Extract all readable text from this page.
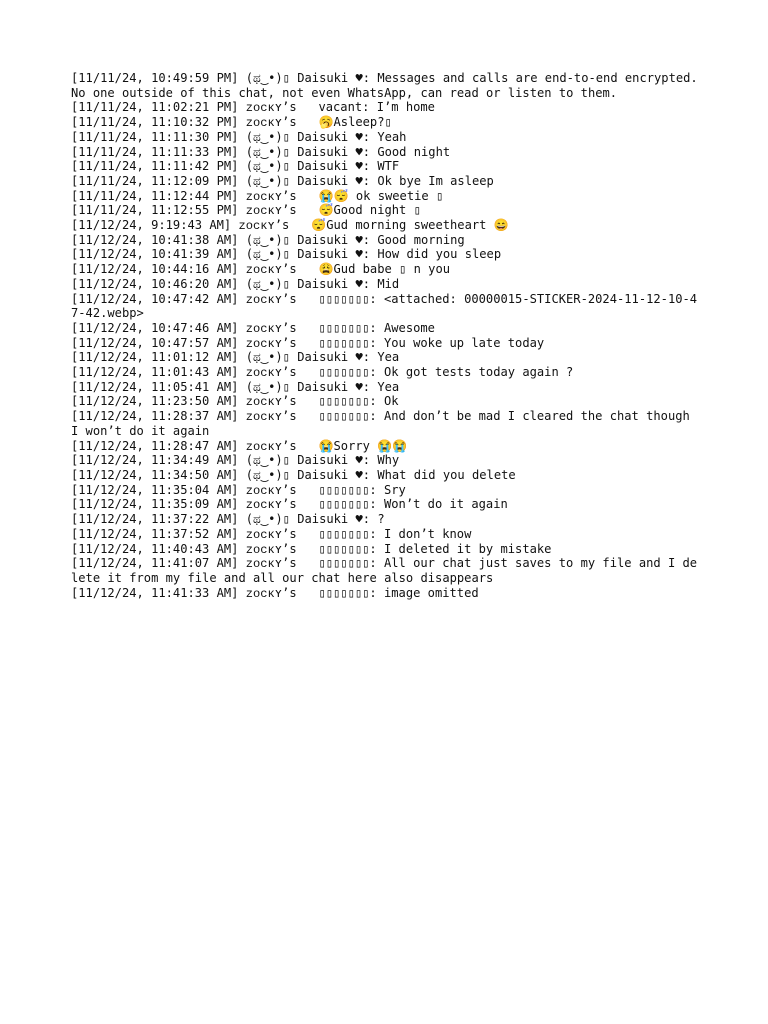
[11/11/24, 10:49:59 PM] (ಥ‿•)▯ Daisuki ♥: Messages and calls are end-to-end encrypted. No one outside of this chat, not even WhatsApp, can read or listen to them.
[11/11/24, 11:02:21 PM] ᴢᴏᴄᴋʏ’s   vacant: I’m home
[11/11/24, 11:10:32 PM] ᴢᴏᴄᴋʏ’s   🥱Asleep?▯
[11/11/24, 11:11:30 PM] (ಥ‿•)▯ Daisuki ♥: Yeah
[11/11/24, 11:11:33 PM] (ಥ‿•)▯ Daisuki ♥: Good night
[11/11/24, 11:11:42 PM] (ಥ‿•)▯ Daisuki ♥: WTF
[11/11/24, 11:12:09 PM] (ಥ‿•)▯ Daisuki ♥: Ok bye Im asleep
[11/11/24, 11:12:44 PM] ᴢᴏᴄᴋʏ’s   😭😴 ok sweetie ▯
[11/11/24, 11:12:55 PM] ᴢᴏᴄᴋʏ’s   😴Good night ▯
[11/12/24, 9:19:43 AM] ᴢᴏᴄᴋʏ’s   😴Gud morning sweetheart 😄
[11/12/24, 10:41:38 AM] (ಥ‿•)▯ Daisuki ♥: Good morning
[11/12/24, 10:41:39 AM] (ಥ‿•)▯ Daisuki ♥: How did you sleep
[11/12/24, 10:44:16 AM] ᴢᴏᴄᴋʏ’s   😩Gud babe ▯ n you
[11/12/24, 10:46:20 AM] (ಥ‿•)▯ Daisuki ♥: Mid
[11/12/24, 10:47:42 AM] ᴢᴏᴄᴋʏ’s   ▯▯▯▯▯▯▯: <attached: 00000015-STICKER-2024-11-12-10-47-42.webp>
[11/12/24, 10:47:46 AM] ᴢᴏᴄᴋʏ’s   ▯▯▯▯▯▯▯: Awesome
[11/12/24, 10:47:57 AM] ᴢᴏᴄᴋʏ’s   ▯▯▯▯▯▯▯: You woke up late today
[11/12/24, 11:01:12 AM] (ಥ‿•)▯ Daisuki ♥: Yea
[11/12/24, 11:01:43 AM] ᴢᴏᴄᴋʏ’s   ▯▯▯▯▯▯▯: Ok got tests today again ?
[11/12/24, 11:05:41 AM] (ಥ‿•)▯ Daisuki ♥: Yea
[11/12/24, 11:23:50 AM] ᴢᴏᴄᴋʏ’s   ▯▯▯▯▯▯▯: Ok
[11/12/24, 11:28:37 AM] ᴢᴏᴄᴋʏ’s   ▯▯▯▯▯▯▯: And don’t be mad I cleared the chat though I won’t do it again
[11/12/24, 11:28:47 AM] ᴢᴏᴄᴋʏ’s   😭Sorry 😭😭
[11/12/24, 11:34:49 AM] (ಥ‿•)▯ Daisuki ♥: Why
[11/12/24, 11:34:50 AM] (ಥ‿•)▯ Daisuki ♥: What did you delete
[11/12/24, 11:35:04 AM] ᴢᴏᴄᴋʏ’s   ▯▯▯▯▯▯▯: Sry
[11/12/24, 11:35:09 AM] ᴢᴏᴄᴋʏ’s   ▯▯▯▯▯▯▯: Won’t do it again
[11/12/24, 11:37:22 AM] (ಥ‿•)▯ Daisuki ♥: ?
[11/12/24, 11:37:52 AM] ᴢᴏᴄᴋʏ’s   ▯▯▯▯▯▯▯: I don’t know
[11/12/24, 11:40:43 AM] ᴢᴏᴄᴋʏ’s   ▯▯▯▯▯▯▯: I deleted it by mistake
[11/12/24, 11:41:07 AM] ᴢᴏᴄᴋʏ’s   ▯▯▯▯▯▯▯: All our chat just saves to my file and I delete it from my file and all our chat here also disappears
[11/12/24, 11:41:33 AM] ᴢᴏᴄᴋʏ’s   ▯▯▯▯▯▯▯: image omitted
